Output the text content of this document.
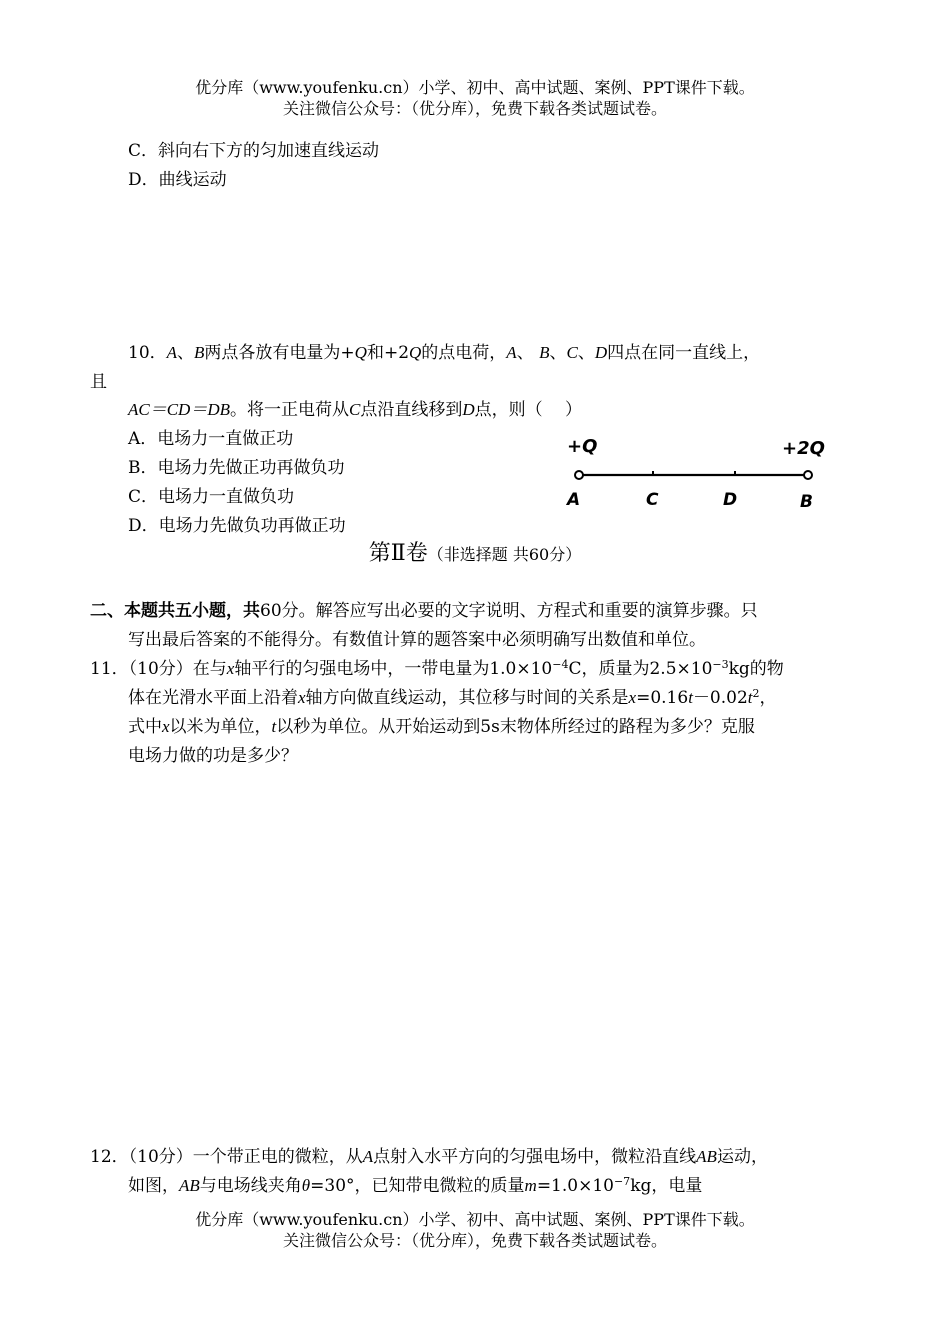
优分库（www.youfenku.cn）小学、初中、高中试题、案例、PPT课件下载。
关注微信公众号：（优分库），免费下载各类试题试卷。
C．斜向右下方的匀加速直线运动
D．曲线运动
10．A、B两点各放有电量为+Q和+2Q的点电荷，A、 B、C、D四点在同一直线上，
且
AC＝CD＝DB。将一正电荷从C点沿直线移到D点，则（　 ）
A．电场力一直做正功
B．电场力先做正功再做负功
C．电场力一直做负功
D．电场力先做负功再做正功
+Q	+2Q
A	C	D	B
第Ⅱ卷（非选择题 共60分）
二、本题共五小题，共60分。解答应写出必要的文字说明、方程式和重要的演算步骤。只
写出最后答案的不能得分。有数值计算的题答案中必须明确写出数值和单位。
11．（10分）在与x轴平行的匀强电场中，一带电量为$1.0\times 10^{-4}C$，质量为$2.5\times 10^{-3}kg$的物
体在光滑水平面上沿着x轴方向做直线运动，其位移与时间的关系是$x=0.16t-0.02t^2$，
式中x以米为单位，t以秒为单位。从开始运动到5s末物体所经过的路程为多少？克服
电场力做的功是多少？
12．（10分）一个带正电的微粒，从A点射入水平方向的匀强电场中，微粒沿直线AB运动，
如图，AB与电场线夹角θ=30°，已知带电微粒的质量$m=1.0\times 10^{-7}kg$，电量
优分库（www.youfenku.cn）小学、初中、高中试题、案例、PPT课件下载。
关注微信公众号：（优分库），免费下载各类试题试卷。
